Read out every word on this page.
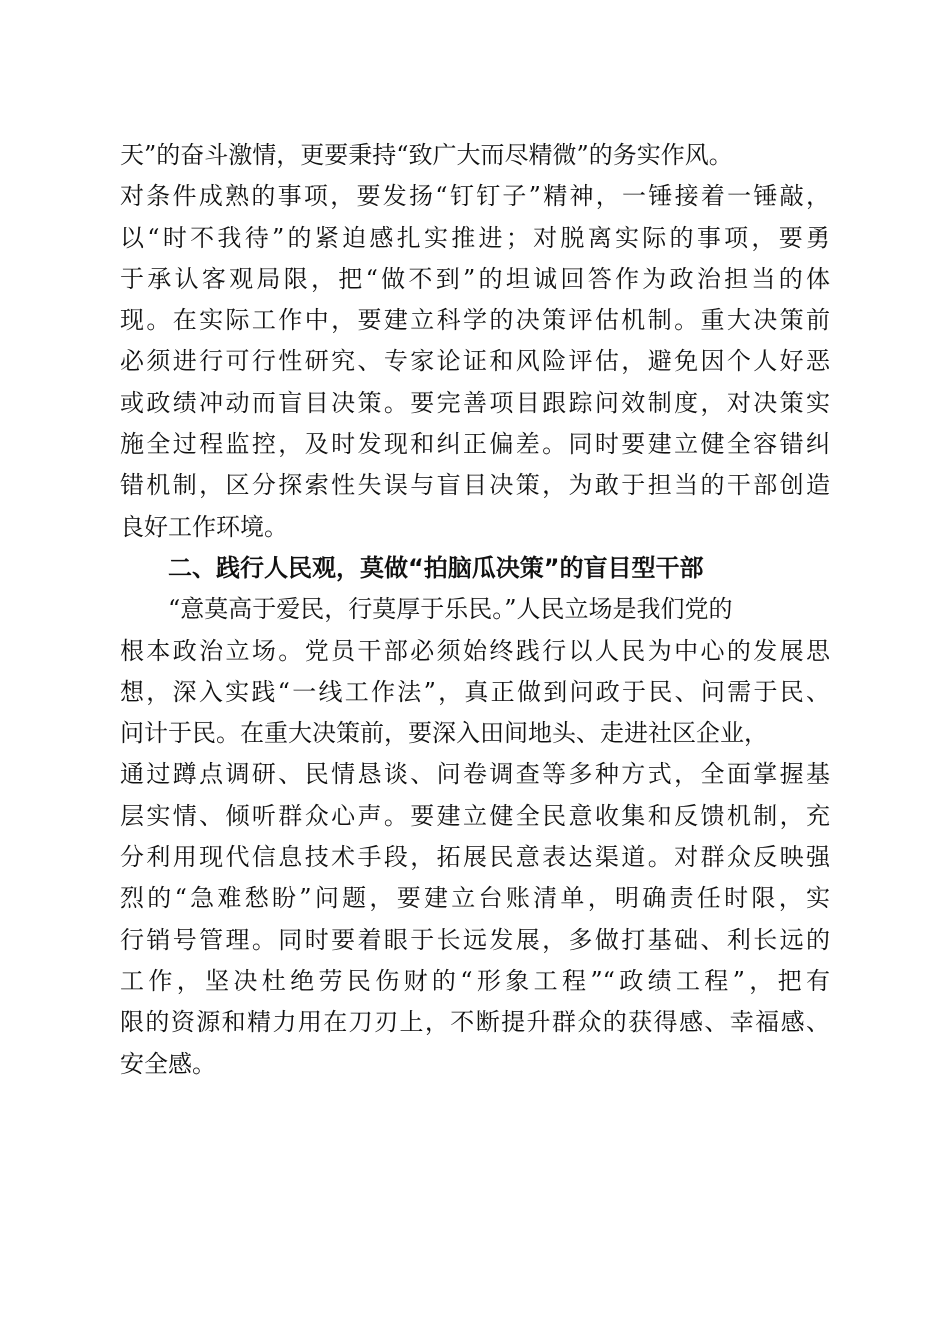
天”的奋斗激情，更要秉持“致广大而尽精微”的务实作风。
对条件成熟的事项，要发扬“钉钉子”精神，一锤接着一锤敲，
以“时不我待”的紧迫感扎实推进；对脱离实际的事项，要勇
于承认客观局限，把“做不到”的坦诚回答作为政治担当的体
现。在实际工作中，要建立科学的决策评估机制。重大决策前
必须进行可行性研究、专家论证和风险评估，避免因个人好恶
或政绩冲动而盲目决策。要完善项目跟踪问效制度，对决策实
施全过程监控，及时发现和纠正偏差。同时要建立健全容错纠
错机制，区分探索性失误与盲目决策，为敢于担当的干部创造
良好工作环境。
二、践行人民观，莫做“拍脑瓜决策”的盲目型干部
“意莫高于爱民，行莫厚于乐民。”人民立场是我们党的
根本政治立场。党员干部必须始终践行以人民为中心的发展思
想，深入实践“一线工作法”，真正做到问政于民、问需于民、
问计于民。在重大决策前，要深入田间地头、走进社区企业，
通过蹲点调研、民情恳谈、问卷调查等多种方式，全面掌握基
层实情、倾听群众心声。要建立健全民意收集和反馈机制，充
分利用现代信息技术手段，拓展民意表达渠道。对群众反映强
烈的“急难愁盼”问题，要建立台账清单，明确责任时限，实
行销号管理。同时要着眼于长远发展，多做打基础、利长远的
工作，坚决杜绝劳民伤财的“形象工程”“政绩工程”，把有
限的资源和精力用在刀刃上，不断提升群众的获得感、幸福感、
安全感。
